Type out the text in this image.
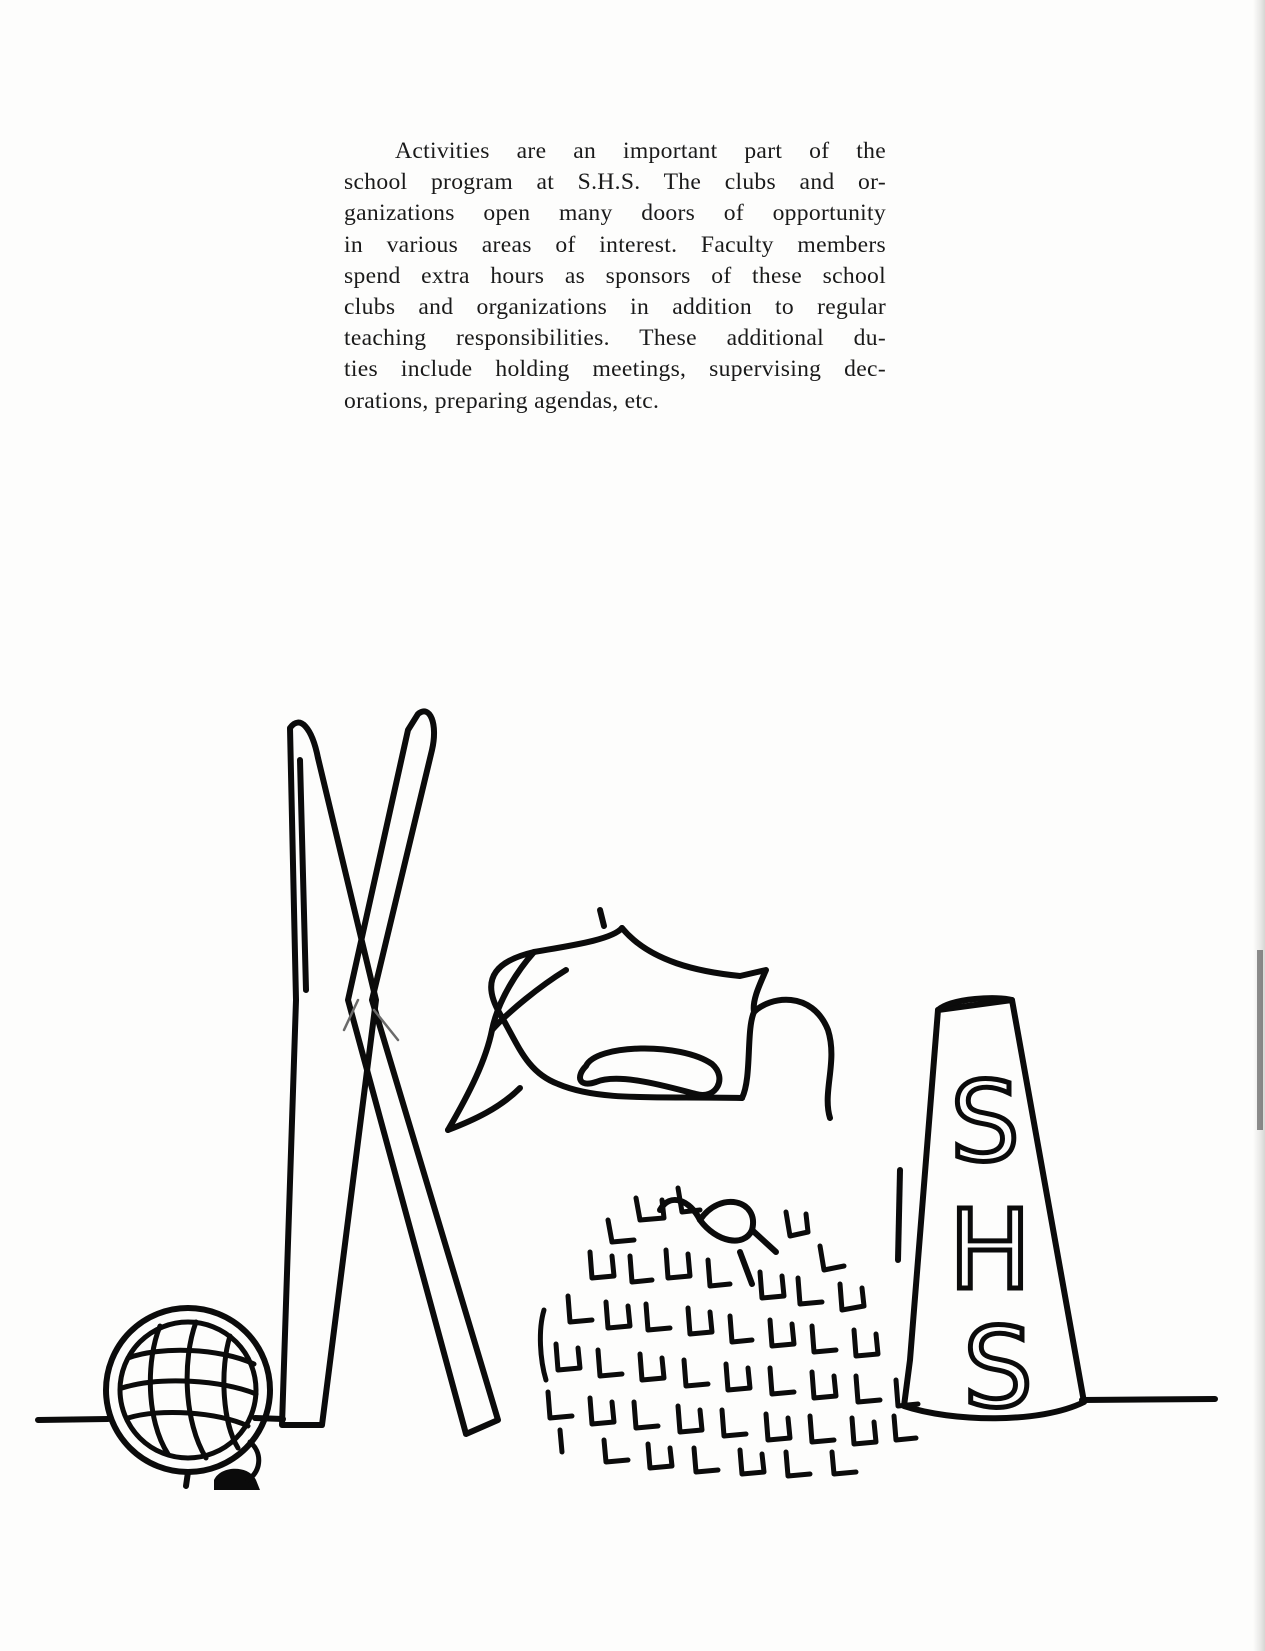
Activities are an important part of the
school program at S.H.S. The clubs and or-
ganizations open many doors of opportunity
in various areas of interest. Faculty members
spend extra hours as sponsors of these school
clubs and organizations in addition to regular
teaching responsibilities. These additional du-
ties include holding meetings, supervising dec-
orations, preparing agendas, etc.
S
H
S
